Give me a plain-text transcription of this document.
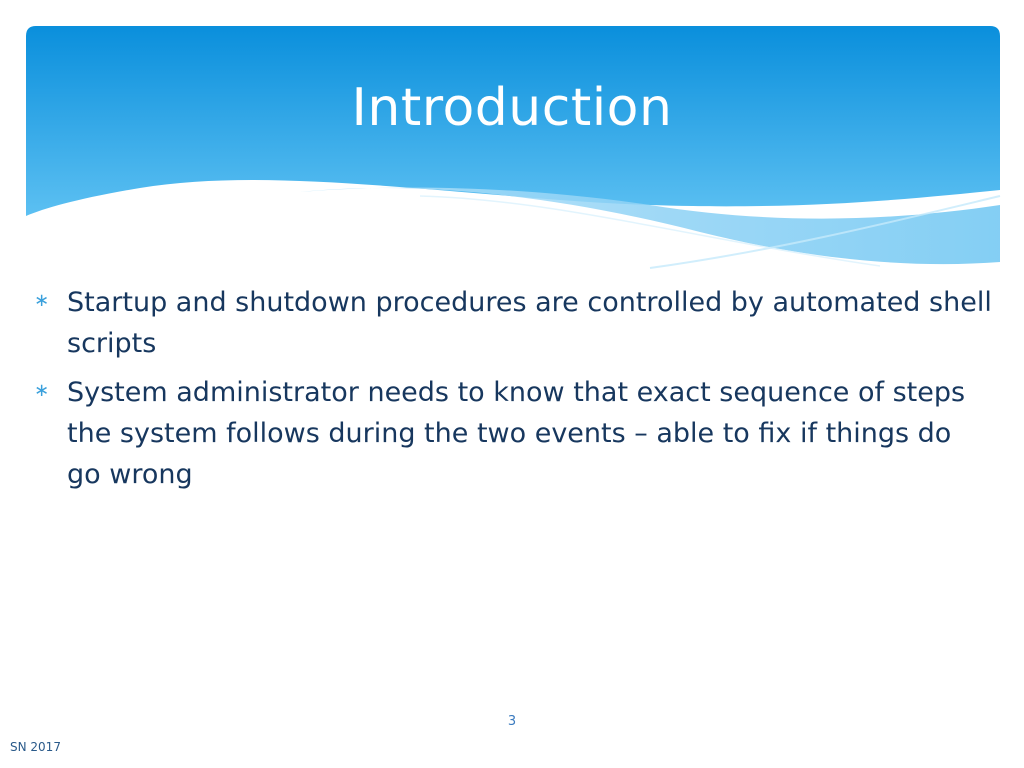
Introduction
∗ Startup and shutdown procedures are controlled by automated shell scripts
∗ System administrator needs to know that exact sequence of steps the system follows during the two events – able to fix if things do go wrong
3
SN 2017
